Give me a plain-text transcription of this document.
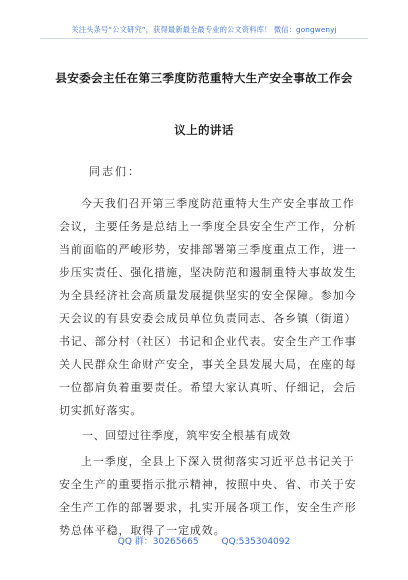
关注头条号“公文研究”，获得最新最全最专业的公文资料库！ 微信：gongwenyj
县安委会主任在第三季度防范重特大生产安全事故工作会
议上的讲话
同志们：
今天我们召开第三季度防范重特大生产安全事故工作
会议，主要任务是总结上一季度全县安全生产工作，分析
当前面临的严峻形势，安排部署第三季度重点工作，进一
步压实责任、强化措施，坚决防范和遏制重特大事故发生
为全县经济社会高质量发展提供坚实的安全保障。参加今
天会议的有县安委会成员单位负责同志、各乡镇（街道）
书记、部分村（社区）书记和企业代表。安全生产工作事
关人民群众生命财产安全，事关全县发展大局，在座的每
一位都肩负着重要责任。希望大家认真听、仔细记，会后
切实抓好落实。
一、回望过往季度，筑牢安全根基有成效
上一季度，全县上下深入贯彻落实习近平总书记关于
安全生产的重要指示批示精神，按照中央、省、市关于安
全生产工作的部署要求，扎实开展各项工作，安全生产形
势总体平稳，取得了一定成效。
QQ 群：30265665	QQ:535304092
